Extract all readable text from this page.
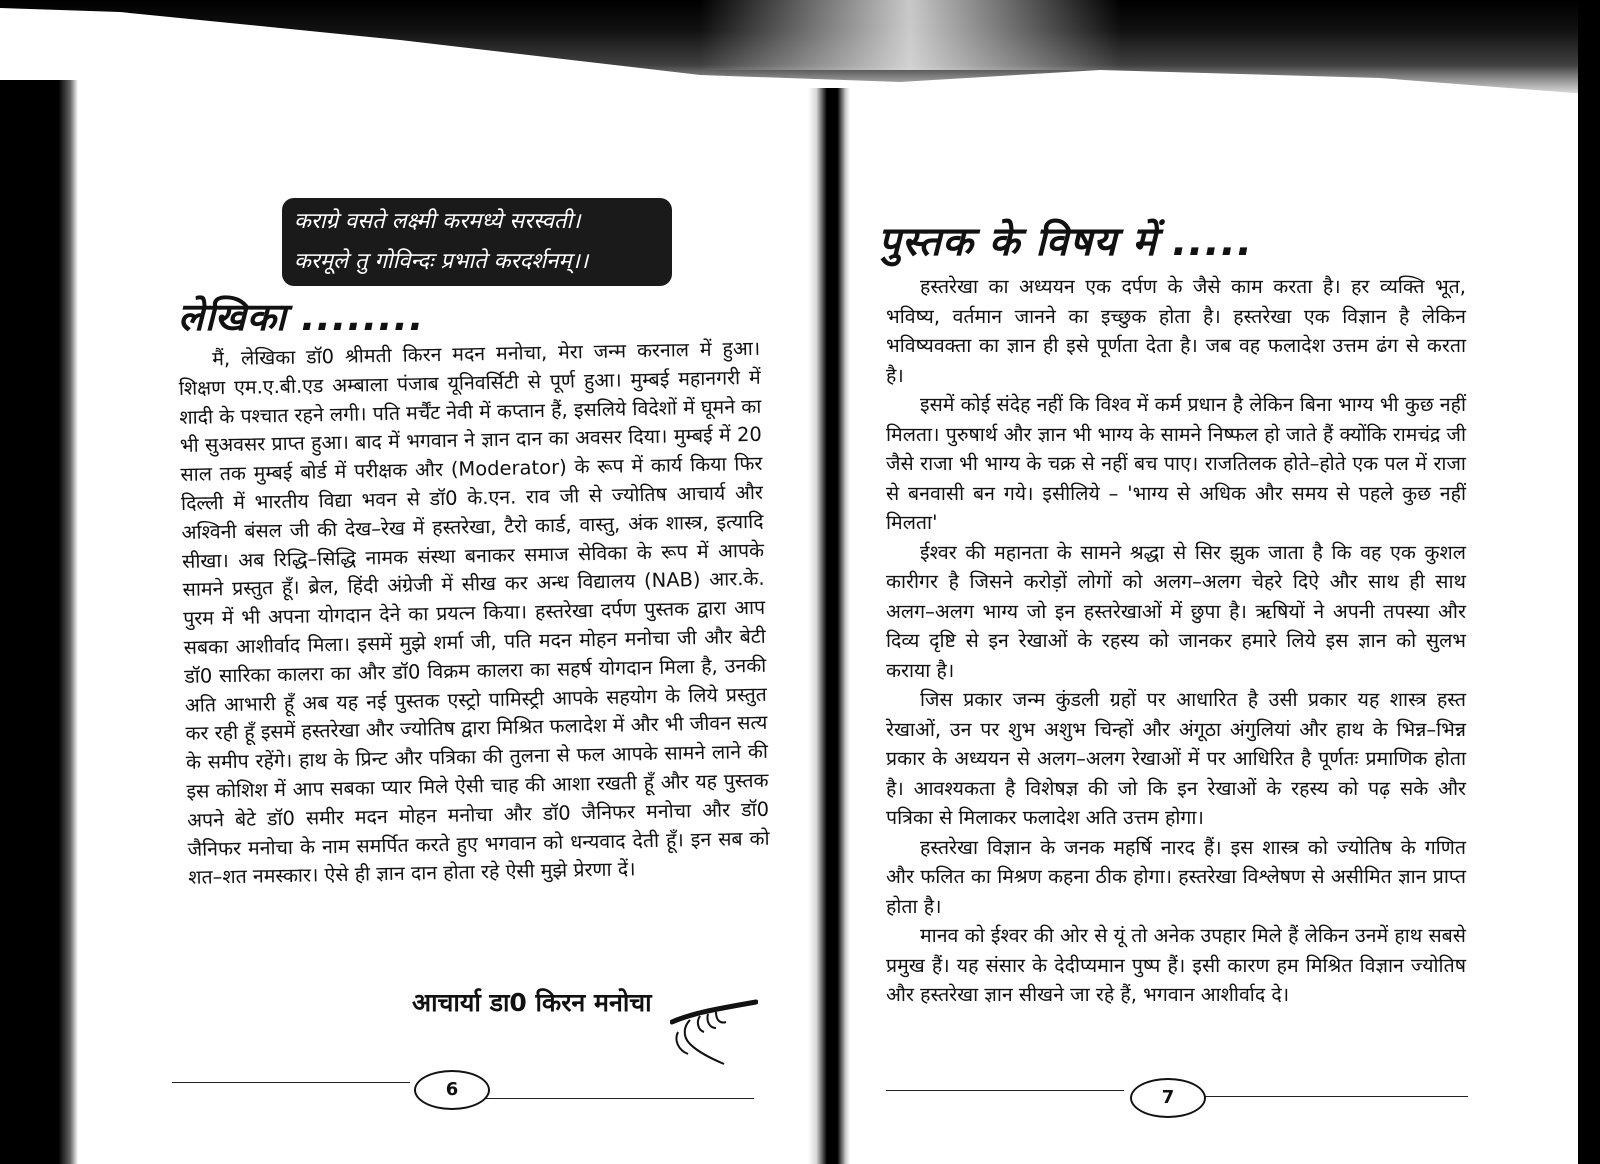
कराग्रे वसते लक्ष्मी करमध्ये सरस्वती।
करमूले तु गोविन्दः प्रभाते करदर्शनम्।।
लेखिका ........

मैं, लेखिका डॉ0 श्रीमती किरन मदन मनोचा, मेरा जन्म करनाल में हुआ। शिक्षण एम.ए.बी.एड अम्बाला पंजाब यूनिवर्सिटी से पूर्ण हुआ। मुम्बई महानगरी में शादी के पश्चात रहने लगी। पति मर्चैंट नेवी में कप्तान हैं, इसलिये विदेशों में घूमने का भी सुअवसर प्राप्त हुआ। बाद में भगवान ने ज्ञान दान का अवसर दिया। मुम्बई में 20 साल तक मुम्बई बोर्ड में परीक्षक और (Moderator) के रूप में कार्य किया फिर दिल्ली में भारतीय विद्या भवन से डॉ0 के.एन. राव जी से ज्योतिष आचार्य और अश्विनी बंसल जी की देख–रेख में हस्तरेखा, टैरो कार्ड, वास्तु, अंक शास्त्र, इत्यादि सीखा। अब रिद्धि–सिद्धि नामक संस्था बनाकर समाज सेविका के रूप में आपके सामने प्रस्तुत हूँ। ब्रेल, हिंदी अंग्रेजी में सीख कर अन्ध विद्यालय (NAB) आर.के. पुरम में भी अपना योगदान देने का प्रयत्न किया। हस्तरेखा दर्पण पुस्तक द्वारा आप सबका आशीर्वाद मिला। इसमें मुझे शर्मा जी, पति मदन मोहन मनोचा जी और बेटी डॉ0 सारिका कालरा का और डॉ0 विक्रम कालरा का सहर्ष योगदान मिला है, उनकी अति आभारी हूँ अब यह नई पुस्तक एस्ट्रो पामिस्ट्री आपके सहयोग के लिये प्रस्तुत कर रही हूँ इसमें हस्तरेखा और ज्योतिष द्वारा मिश्रित फलादेश में और भी जीवन सत्य के समीप रहेंगे। हाथ के प्रिन्ट और पत्रिका की तुलना से फल आपके सामने लाने की इस कोशिश में आप सबका प्यार मिले ऐसी चाह की आशा रखती हूँ और यह पुस्तक अपने बेटे डॉ0 समीर मदन मोहन मनोचा और डॉ0 जैनिफर मनोचा और डॉ0 जैनिफर मनोचा के नाम समर्पित करते हुए भगवान को धन्यवाद देती हूँ। इन सब को शत–शत नमस्कार। ऐसे ही ज्ञान दान होता रहे ऐसी मुझे प्रेरणा दें।

आचार्या डा0 किरन मनोचा
6
पुस्तक के विषय में .....

हस्तरेखा का अध्ययन एक दर्पण के जैसे काम करता है। हर व्यक्ति भूत, भविष्य, वर्तमान जानने का इच्छुक होता है। हस्तरेखा एक विज्ञान है लेकिन भविष्यवक्ता का ज्ञान ही इसे पूर्णता देता है। जब वह फलादेश उत्तम ढंग से करता है।

इसमें कोई संदेह नहीं कि विश्व में कर्म प्रधान है लेकिन बिना भाग्य भी कुछ नहीं मिलता। पुरुषार्थ और ज्ञान भी भाग्य के सामने निष्फल हो जाते हैं क्योंकि रामचंद्र जी जैसे राजा भी भाग्य के चक्र से नहीं बच पाए। राजतिलक होते–होते एक पल में राजा से बनवासी बन गये। इसीलिये – 'भाग्य से अधिक और समय से पहले कुछ नहीं मिलता'

ईश्वर की महानता के सामने श्रद्धा से सिर झुक जाता है कि वह एक कुशल कारीगर है जिसने करोड़ों लोगों को अलग–अलग चेहरे दिऐ और साथ ही साथ अलग–अलग भाग्य जो इन हस्तरेखाओं में छुपा है। ऋषियों ने अपनी तपस्या और दिव्य दृष्टि से इन रेखाओं के रहस्य को जानकर हमारे लिये इस ज्ञान को सुलभ कराया है।

जिस प्रकार जन्म कुंडली ग्रहों पर आधारित है उसी प्रकार यह शास्त्र हस्त रेखाओं, उन पर शुभ अशुभ चिन्हों और अंगूठा अंगुलियां और हाथ के भिन्न–भिन्न प्रकार के अध्ययन से अलग–अलग रेखाओं में पर आधिरित है पूर्णतः प्रमाणिक होता है। आवश्यकता है विशेषज्ञ की जो कि इन रेखाओं के रहस्य को पढ़ सके और पत्रिका से मिलाकर फलादेश अति उत्तम होगा।

हस्तरेखा विज्ञान के जनक महर्षि नारद हैं। इस शास्त्र को ज्योतिष के गणित और फलित का मिश्रण कहना ठीक होगा। हस्तरेखा विश्लेषण से असीमित ज्ञान प्राप्त होता है।

मानव को ईश्वर की ओर से यूं तो अनेक उपहार मिले हैं लेकिन उनमें हाथ सबसे प्रमुख हैं। यह संसार के देदीप्यमान पुष्प हैं। इसी कारण हम मिश्रित विज्ञान ज्योतिष और हस्तरेखा ज्ञान सीखने जा रहे हैं, भगवान आशीर्वाद दे।

7
